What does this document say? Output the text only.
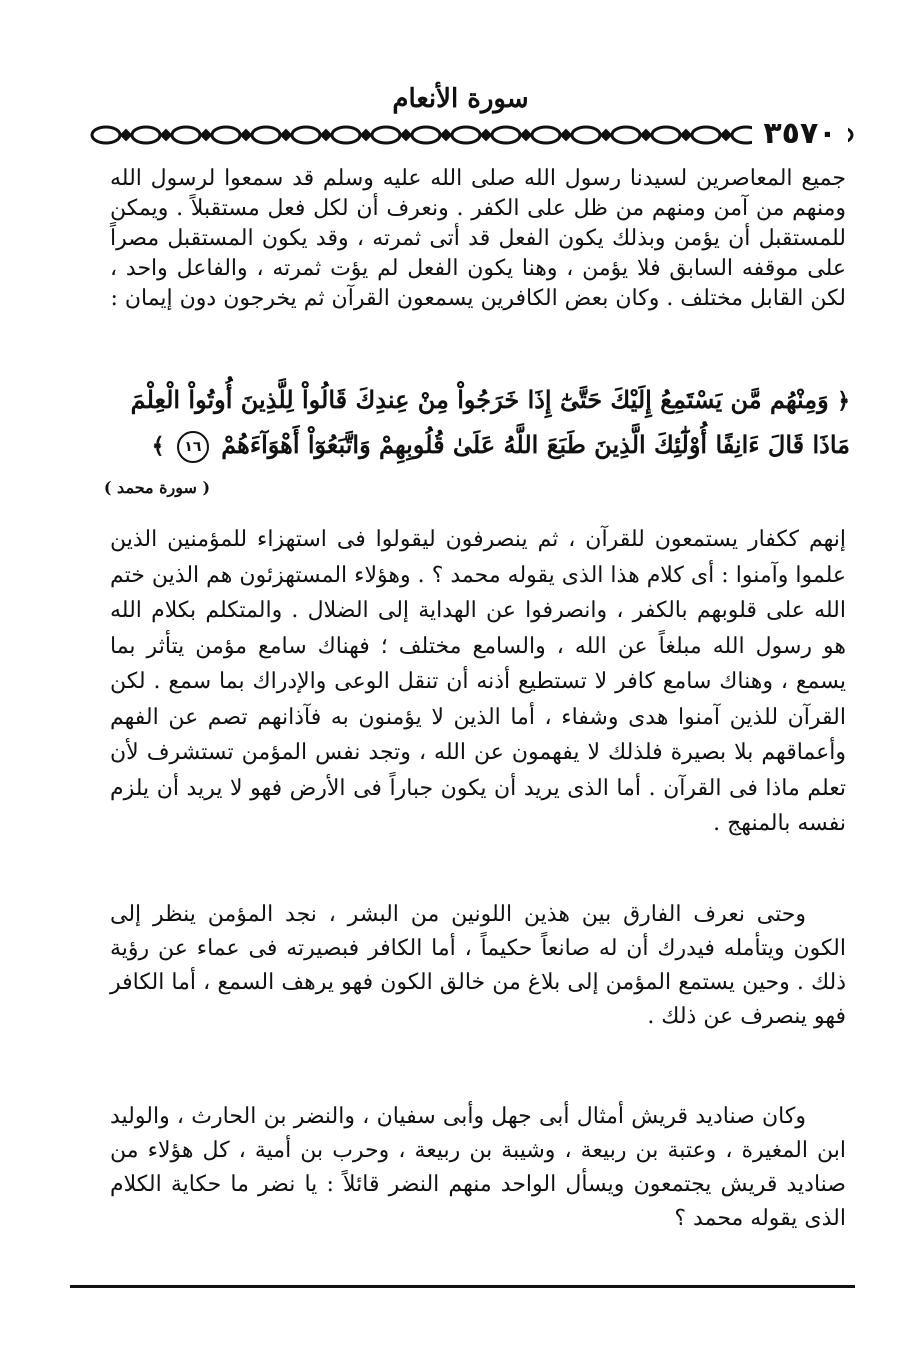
سورة الأنعام
٣٥٧٠
جميع المعاصرين لسيدنا رسول الله صلى الله عليه وسلم قد سمعوا لرسول الله ومنهم من آمن ومنهم من ظل على الكفر . ونعرف أن لكل فعل مستقبلاً . ويمكن للمستقبل أن يؤمن وبذلك يكون الفعل قد أتى ثمرته ، وقد يكون المستقبل مصراً على موقفه السابق فلا يؤمن ، وهنا يكون الفعل لم يؤت ثمرته ، والفاعل واحد ، لكن القابل مختلف . وكان بعض الكافرين يسمعون القرآن ثم يخرجون دون إيمان :
﴿ وَمِنْهُم مَّن يَسْتَمِعُ إِلَيْكَ حَتَّىٰٓ إِذَا خَرَجُواْ مِنْ عِندِكَ قَالُواْ لِلَّذِينَ أُوتُواْ الْعِلْمَ مَاذَا قَالَ ءَانِفًا أُوْلَٰٓئِكَ الَّذِينَ طَبَعَ اللَّهُ عَلَىٰ قُلُوبِهِمْ وَاتَّبَعُوٓاْ أَهْوَآءَهُمْ ١٦ ﴾
( سورة محمد )
إنهم ككفار يستمعون للقرآن ، ثم ينصرفون ليقولوا فى استهزاء للمؤمنين الذين علموا وآمنوا : أى كلام هذا الذى يقوله محمد ؟ . وهؤلاء المستهزئون هم الذين ختم الله على قلوبهم بالكفر ، وانصرفوا عن الهداية إلى الضلال . والمتكلم بكلام الله هو رسول الله مبلغاً عن الله ، والسامع مختلف ؛ فهناك سامع مؤمن يتأثر بما يسمع ، وهناك سامع كافر لا تستطيع أذنه أن تنقل الوعى والإدراك بما سمع . لكن القرآن للذين آمنوا هدى وشفاء ، أما الذين لا يؤمنون به فآذانهم تصم عن الفهم وأعماقهم بلا بصيرة فلذلك لا يفهمون عن الله ، وتجد نفس المؤمن تستشرف لأن تعلم ماذا فى القرآن . أما الذى يريد أن يكون جباراً فى الأرض فهو لا يريد أن يلزم نفسه بالمنهج .
وحتى نعرف الفارق بين هذين اللونين من البشر ، نجد المؤمن ينظر إلى الكون ويتأمله فيدرك أن له صانعاً حكيماً ، أما الكافر فبصيرته فى عماء عن رؤية ذلك . وحين يستمع المؤمن إلى بلاغ من خالق الكون فهو يرهف السمع ، أما الكافر فهو ينصرف عن ذلك .
وكان صناديد قريش أمثال أبى جهل وأبى سفيان ، والنضر بن الحارث ، والوليد ابن المغيرة ، وعتبة بن ربيعة ، وشيبة بن ربيعة ، وحرب بن أمية ، كل هؤلاء من صناديد قريش يجتمعون ويسأل الواحد منهم النضر قائلاً : يا نضر ما حكاية الكلام الذى يقوله محمد ؟
